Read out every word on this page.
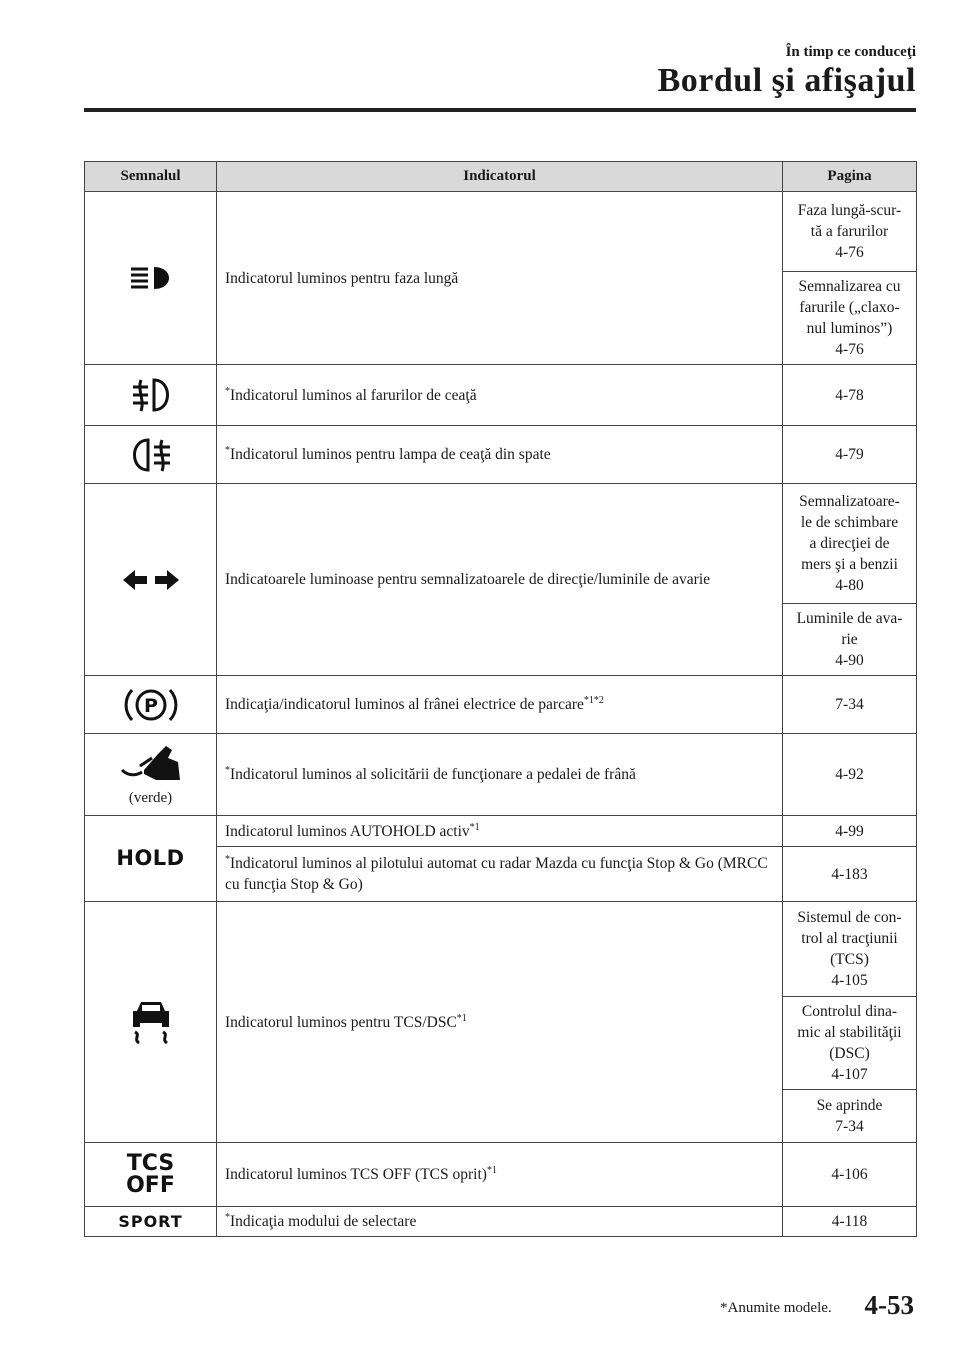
În timp ce conduceţi
Bordul şi afişajul
Semnalul	Indicatorul	Pagina

	Indicatorul luminos pentru faza lungă	Faza lungă-scur-
tă a farurilor
4-76

		Semnalizarea cu
farurile („claxo-
nul luminos”)
4-76

	*Indicatorul luminos al farurilor de ceaţă	4-78

	*Indicatorul luminos pentru lampa de ceaţă din spate	4-79

	Indicatoarele luminoase pentru semnalizatoarele de direcţie/luminile de avarie	Semnalizatoare-
le de schimbare
a direcţiei de
mers şi a benzii
4-80

		Luminile de ava-
rie
4-90

P	Indicaţia/indicatorul luminos al frânei electrice de parcare$^{*1*2}$	7-34

(verde)	*Indicatorul luminos al solicitării de funcţionare a pedalei de frână	4-92
HOLD	Indicatorul luminos AUTOHOLD activ$^{*1}$	4-99
	*Indicatorul luminos al pilotului automat cu radar Mazda cu funcţia Stop & Go (MRCC cu funcţia Stop & Go)	4-183

	Indicatorul luminos pentru TCS/DSC$^{*1}$	Sistemul de con-
trol al tracţiunii
(TCS)
4-105

		Controlul dina-
mic al stabilităţii
(DSC)
4-107

		Se aprinde
7-34

TCS
OFF	Indicatorul luminos TCS OFF (TCS oprit)$^{*1}$	4-106
SPORT	*Indicaţia modului de selectare	4-118
*Anumite modele. 4-53
